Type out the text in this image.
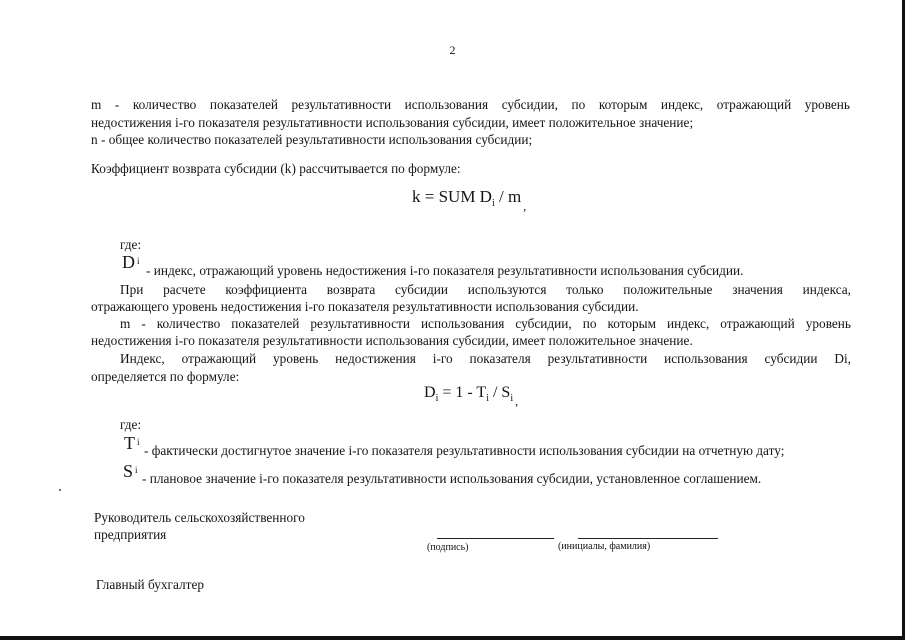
2
m - количество показателей результативности использования субсидии, по которым индекс, отражающий уровень
недостижения i-го показателя результативности использования субсидии, имеет положительное значение;
n - общее количество показателей результативности использования субсидии;
Коэффициент возврата субсидии (k) рассчитывается по формуле:
k = SUM $D_i$ / m $_,$
где:
D $_i$
- индекс, отражающий уровень недостижения i-го показателя результативности использования субсидии.
При расчете коэффициента возврата субсидии используются только положительные значения индекса,
отражающего уровень недостижения i-го показателя результативности использования субсидии.
m - количество показателей результативности использования субсидии, по которым индекс, отражающий уровень
недостижения i-го показателя результативности использования субсидии, имеет положительное значение.
Индекс, отражающий уровень недостижения i-го показателя результативности использования субсидии Di,
определяется по формуле:
$D_i = 1 - T_i / S_i$ $_,$
где:
T $_i$
- фактически достигнутое значение i-го показателя результативности использования субсидии на отчетную дату;
S $_i$
- плановое значение i-го показателя результативности использования субсидии, установленное соглашением.
Руководитель сельскохозяйственного
предприятия
(подпись)	(инициалы, фамилия)
Главный бухгалтер
